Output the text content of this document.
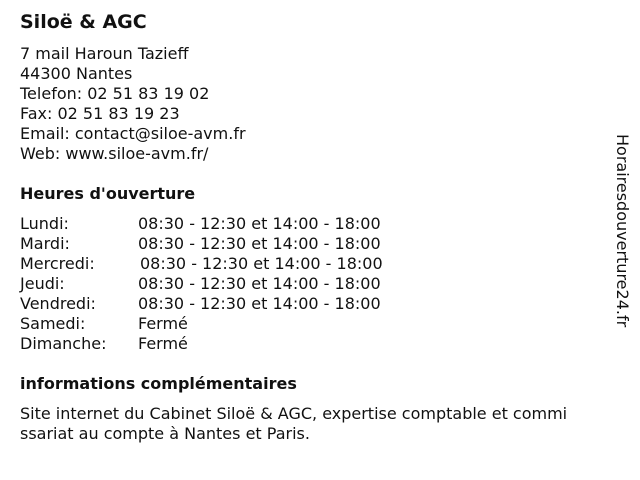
Siloë & AGC
7 mail Haroun Tazieff
44300 Nantes
Telefon: 02 51 83 19 02
Fax: 02 51 83 19 23
Email: contact@siloe-avm.fr
Web: www.siloe-avm.fr/
Heures d'ouverture
Lundi:	08:30 - 12:30 et 14:00 - 18:00
Mardi:	08:30 - 12:30 et 14:00 - 18:00
Mercredi:	08:30 - 12:30 et 14:00 - 18:00
Jeudi:	08:30 - 12:30 et 14:00 - 18:00
Vendredi:	08:30 - 12:30 et 14:00 - 18:00
Samedi:	Fermé
Dimanche:	Fermé
informations complémentaires
Site internet du Cabinet Siloë & AGC, expertise comptable et commi
ssariat au compte à Nantes et Paris.
Horairesdouverture24.fr
